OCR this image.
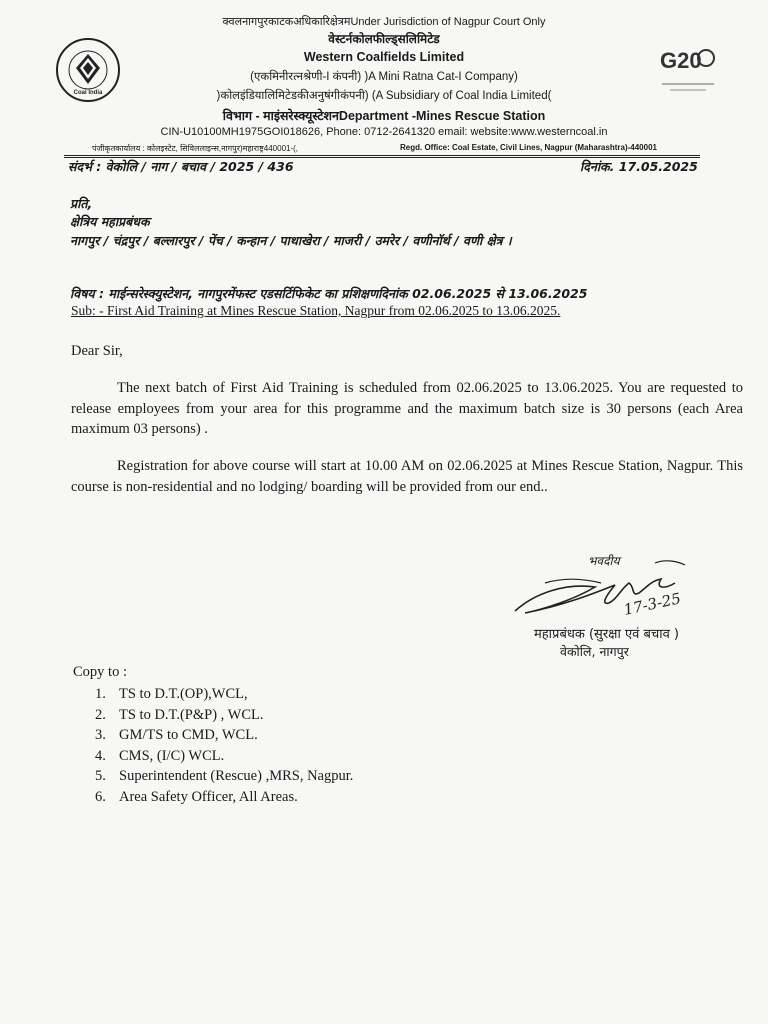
क्वलनागपुरकाटकअधिकारिक्षेत्रमUnder Jurisdiction of Nagpur Court Only
वेस्टर्नकोलफील्ड्सलिमिटेड
Western Coalfields Limited
(एकमिनीरत्नश्रेणी-I कंपनी) )A Mini Ratna Cat-I Company)
)कोलइंडियालिमिटेडकीअनुषंगीकंपनी) (A Subsidiary of Coal India Limited(
विभाग - माइंसरेस्क्यूस्टेशनDepartment -Mines Rescue Station
CIN-U10100MH1975GOI018626, Phone: 0712-2641320 email: website:www.westerncoal.in
पंजीकृतकार्यालय : कोलइस्टेट, सिविललाइन्स,नागपुर)महाराष्ट्र440001-(,	Regd. Office: Coal Estate, Civil Lines, Nagpur (Maharashtra)-440001
Coal India
G20
संदर्भ : वेकोलि / नाग / बचाव / 2025 / 436	दिनांक. 17.05.2025
प्रति,
क्षेत्रिय महाप्रबंधक
नागपुर / चंद्रपुर / बल्लारपुर / पेंच / कन्हान / पाथाखेरा / माजरी / उमरेर / वणीनॉर्थ / वणी क्षेत्र ।
विषय : माईन्सरेस्क्युस्टेशन, नागपुरमेंफस्ट एडसर्टिफिकेट का प्रशिक्षणदिनांक 02.06.2025 से 13.06.2025
Sub: - First Aid Training at Mines Rescue Station, Nagpur from 02.06.2025 to 13.06.2025.
Dear Sir,
The next batch of First Aid Training is scheduled from 02.06.2025 to 13.06.2025. You are requested to release employees from your area for this programme and the maximum batch size is 30 persons (each Area maximum 03 persons) .
Registration for above course will start at 10.00 AM on 02.06.2025 at Mines Rescue Station, Nagpur. This course is non-residential and no lodging/ boarding will be provided from our end..
भवदीय
17-3-25
महाप्रबंधक (सुरक्षा एवं बचाव )
वेकोलि, नागपुर
Copy to :
1. TS to D.T.(OP),WCL,
2. TS to D.T.(P&P) , WCL.
3. GM/TS to CMD, WCL.
4. CMS, (I/C) WCL.
5. Superintendent (Rescue) ,MRS, Nagpur.
6. Area Safety Officer, All Areas.
